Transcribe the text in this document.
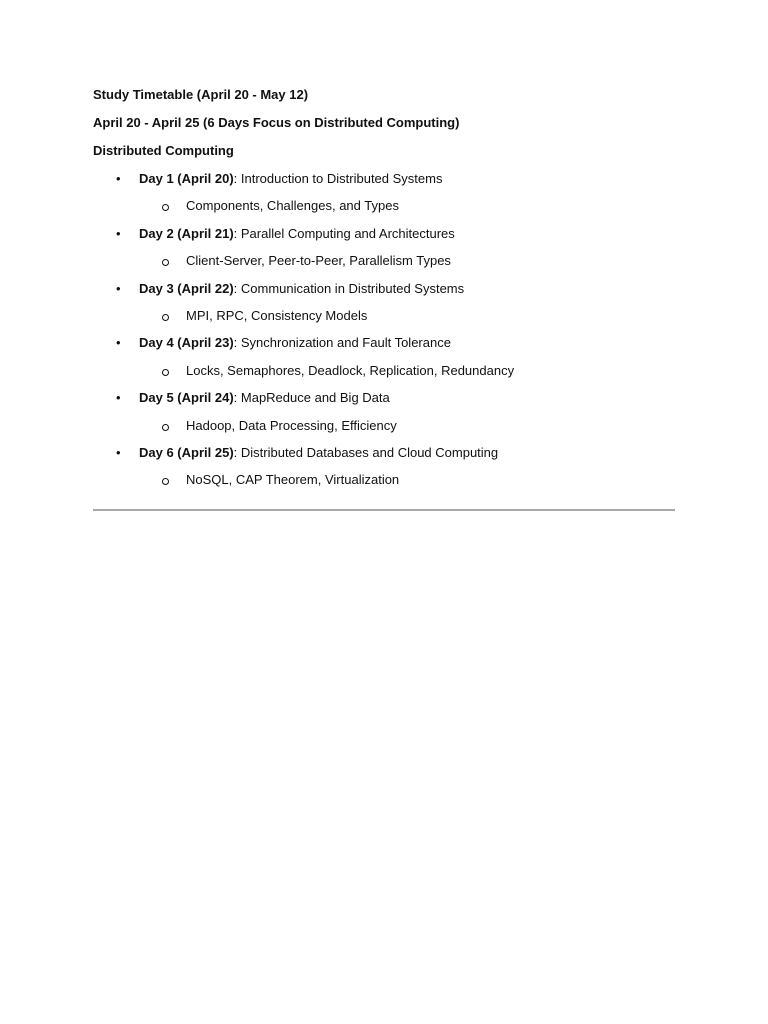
Study Timetable (April 20 - May 12)
April 20 - April 25 (6 Days Focus on Distributed Computing)
Distributed Computing
• Day 1 (April 20): Introduction to Distributed Systems
Components, Challenges, and Types
• Day 2 (April 21): Parallel Computing and Architectures
Client-Server, Peer-to-Peer, Parallelism Types
• Day 3 (April 22): Communication in Distributed Systems
MPI, RPC, Consistency Models
• Day 4 (April 23): Synchronization and Fault Tolerance
Locks, Semaphores, Deadlock, Replication, Redundancy
• Day 5 (April 24): MapReduce and Big Data
Hadoop, Data Processing, Efficiency
• Day 6 (April 25): Distributed Databases and Cloud Computing
NoSQL, CAP Theorem, Virtualization
